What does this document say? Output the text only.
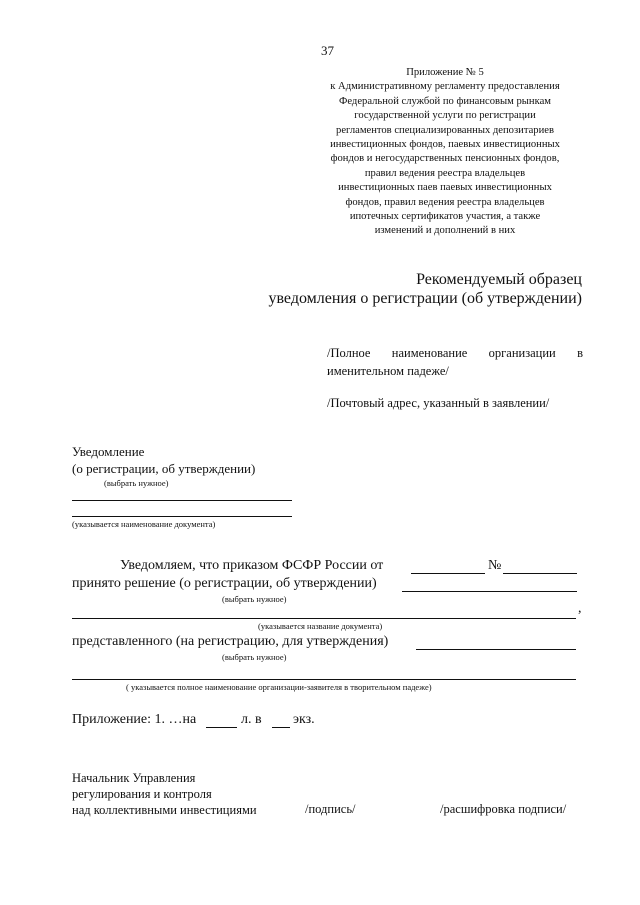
37
Приложение № 5
к Административному регламенту предоставления
Федеральной службой по финансовым рынкам
государственной услуги по регистрации
регламентов специализированных депозитариев
инвестиционных фондов, паевых инвестиционных
фондов и негосударственных пенсионных фондов,
правил ведения реестра владельцев
инвестиционных паев паевых инвестиционных
фондов, правил ведения реестра владельцев
ипотечных сертификатов участия, а также
изменений и дополнений в них
Рекомендуемый образец
уведомления о регистрации (об утверждении)
/Полное наименование организации в
именительном падеже/
/Почтовый адрес, указанный в заявлении/
Уведомление
(о регистрации, об утверждении)
(выбрать нужное)
(указывается наименование документа)
Уведомляем, что приказом ФСФР России от	№
принято решение (о регистрации, об утверждении)
(выбрать нужное)
,
(указывается название документа)
представленного (на регистрацию, для утверждения)
(выбрать нужное)
( указывается полное наименование организации-заявителя в творительном падеже)
Приложение: 1. …на	л. в экз.
Начальник Управления
регулирования и контроля
над коллективными инвестициями	/подпись/	/расшифровка подписи/
